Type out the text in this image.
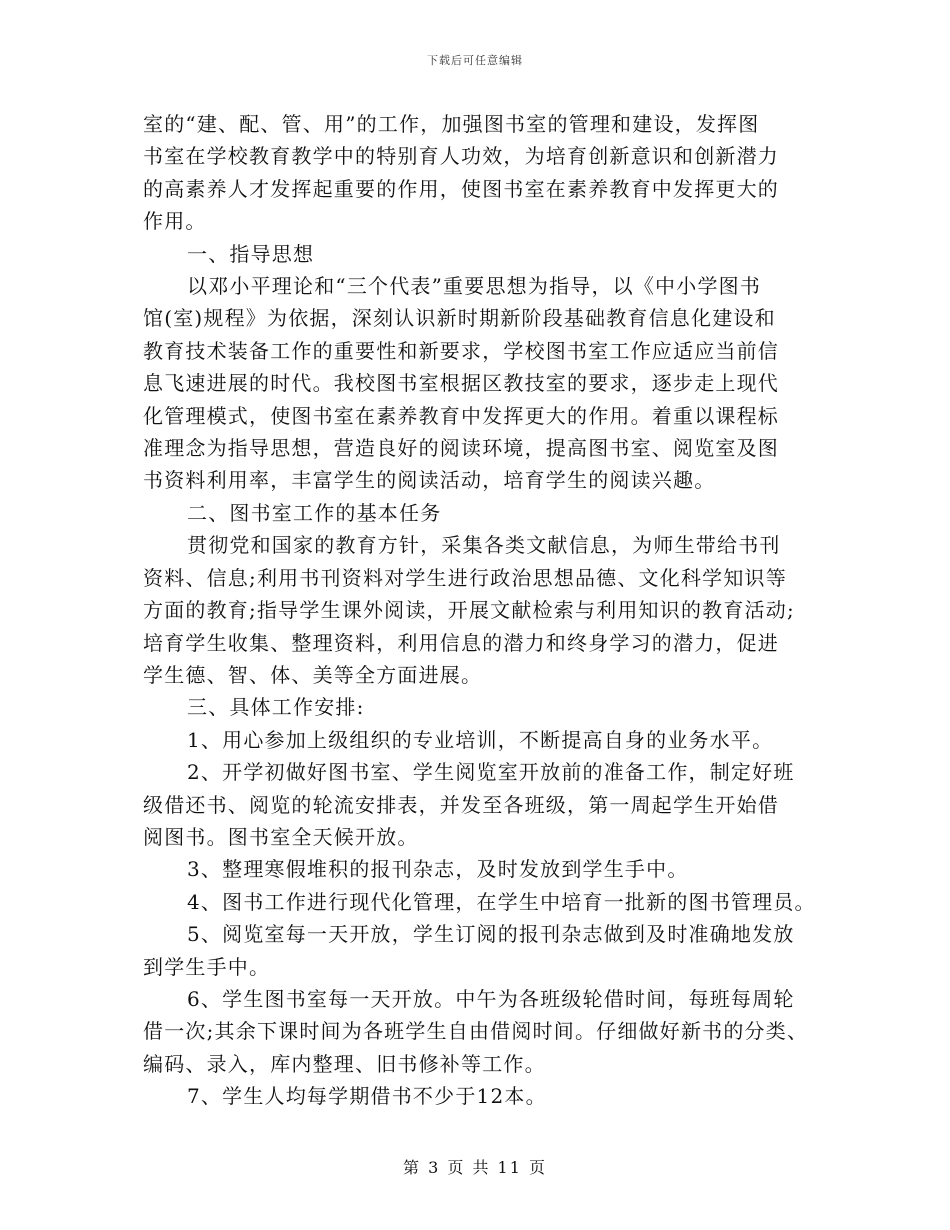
下载后可任意编辑

室的“建、配、管、用”的工作，加强图书室的管理和建设，发挥图
书室在学校教育教学中的特别育人功效，为培育创新意识和创新潜力
的高素养人才发挥起重要的作用，使图书室在素养教育中发挥更大的
作用。

一、指导思想

以邓小平理论和“三个代表”重要思想为指导，以《中小学图书
馆(室)规程》为依据，深刻认识新时期新阶段基础教育信息化建设和
教育技术装备工作的重要性和新要求，学校图书室工作应适应当前信
息飞速进展的时代。我校图书室根据区教技室的要求，逐步走上现代
化管理模式，使图书室在素养教育中发挥更大的作用。着重以课程标
准理念为指导思想，营造良好的阅读环境，提高图书室、阅览室及图
书资料利用率，丰富学生的阅读活动，培育学生的阅读兴趣。

二、图书室工作的基本任务

贯彻党和国家的教育方针，采集各类文献信息，为师生带给书刊
资料、信息;利用书刊资料对学生进行政治思想品德、文化科学知识等
方面的教育;指导学生课外阅读，开展文献检索与利用知识的教育活动;
培育学生收集、整理资料，利用信息的潜力和终身学习的潜力，促进
学生德、智、体、美等全方面进展。

三、具体工作安排:

1、用心参加上级组织的专业培训，不断提高自身的业务水平。

2、开学初做好图书室、学生阅览室开放前的准备工作，制定好班
级借还书、阅览的轮流安排表，并发至各班级，第一周起学生开始借
阅图书。图书室全天候开放。

3、整理寒假堆积的报刊杂志，及时发放到学生手中。

4、图书工作进行现代化管理，在学生中培育一批新的图书管理员。

5、阅览室每一天开放，学生订阅的报刊杂志做到及时准确地发放
到学生手中。

6、学生图书室每一天开放。中午为各班级轮借时间，每班每周轮
借一次;其余下课时间为各班学生自由借阅时间。仔细做好新书的分类、
编码、录入，库内整理、旧书修补等工作。

7、学生人均每学期借书不少于12本。

第 3 页 共 11 页
